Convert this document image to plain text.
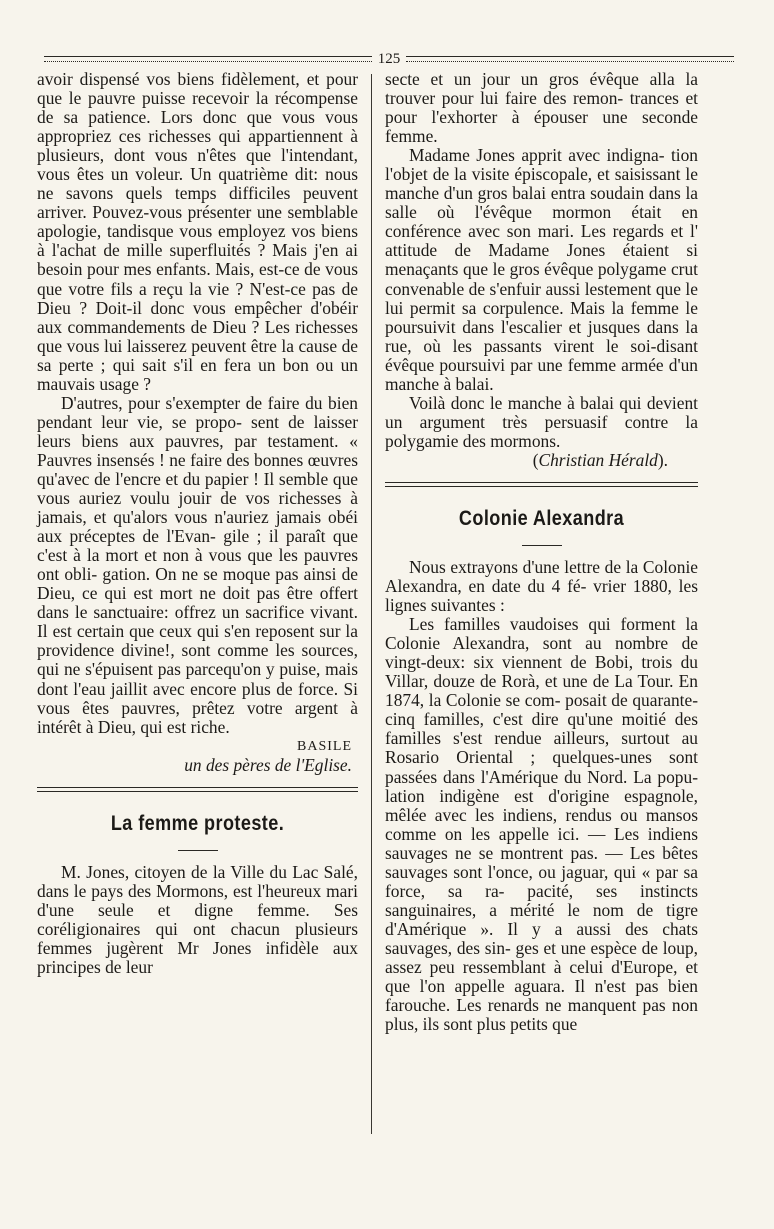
125

avoir dispensé vos biens fidèlement, et pour que le pauvre puisse recevoir la récompense de sa patience. Lors donc que vous vous appropriez ces richesses qui appartiennent à plusieurs, dont vous n'êtes que l'intendant, vous êtes un voleur. Un quatrième dit: nous ne savons quels temps difficiles peuvent arriver. Pouvez-vous présenter une semblable apologie, tandisque vous employez vos biens à l'achat de mille superfluités ? Mais j'en ai besoin pour mes enfants. Mais, est-ce de vous que votre fils a reçu la vie ? N'est-ce pas de Dieu ? Doit-il donc vous empêcher d'obéir aux commandements de Dieu ? Les richesses que vous lui laisserez peuvent être la cause de sa perte ; qui sait s'il en fera un bon ou un mauvais usage ?

D'autres, pour s'exempter de faire du bien pendant leur vie, se propo- sent de laisser leurs biens aux pauvres, par testament. « Pauvres insensés ! ne faire des bonnes œuvres qu'avec de l'encre et du papier ! Il semble que vous auriez voulu jouir de vos richesses à jamais, et qu'alors vous n'auriez jamais obéi aux préceptes de l'Evan- gile ; il paraît que c'est à la mort et non à vous que les pauvres ont obli- gation. On ne se moque pas ainsi de Dieu, ce qui est mort ne doit pas être offert dans le sanctuaire: offrez un sacrifice vivant. Il est certain que ceux qui s'en reposent sur la providence divine!, sont comme les sources, qui ne s'épuisent pas parcequ'on y puise, mais dont l'eau jaillit avec encore plus de force. Si vous êtes pauvres, prêtez votre argent à intérêt à Dieu, qui est riche.

BASILE
un des pères de l'Eglise.
La femme proteste.

M. Jones, citoyen de la Ville du Lac Salé, dans le pays des Mormons, est l'heureux mari d'une seule et digne femme. Ses coréligionaires qui ont chacun plusieurs femmes jugèrent Mr Jones infidèle aux principes de leur

secte et un jour un gros évêque alla la trouver pour lui faire des remon- trances et pour l'exhorter à épouser une seconde femme.

Madame Jones apprit avec indigna- tion l'objet de la visite épiscopale, et saisissant le manche d'un gros balai entra soudain dans la salle où l'évêque mormon était en conférence avec son mari. Les regards et l' attitude de Madame Jones étaient si menaçants que le gros évêque polygame crut convenable de s'enfuir aussi lestement que le lui permit sa corpulence. Mais la femme le poursuivit dans l'escalier et jusques dans la rue, où les passants virent le soi-disant évêque poursuivi par une femme armée d'un manche à balai.

Voilà donc le manche à balai qui devient un argument très persuasif contre la polygamie des mormons.

(Christian Hérald).
Colonie Alexandra

Nous extrayons d'une lettre de la Colonie Alexandra, en date du 4 fé- vrier 1880, les lignes suivantes :

Les familles vaudoises qui forment la Colonie Alexandra, sont au nombre de vingt-deux: six viennent de Bobi, trois du Villar, douze de Rorà, et une de La Tour. En 1874, la Colonie se com- posait de quarante-cinq familles, c'est dire qu'une moitié des familles s'est rendue ailleurs, surtout au Rosario Oriental ; quelques-unes sont passées dans l'Amérique du Nord. La popu- lation indigène est d'origine espagnole, mêlée avec les indiens, rendus ou mansos comme on les appelle ici. — Les indiens sauvages ne se montrent pas. — Les bêtes sauvages sont l'once, ou jaguar, qui « par sa force, sa ra- pacité, ses instincts sanguinaires, a mérité le nom de tigre d'Amérique ». Il y a aussi des chats sauvages, des sin- ges et une espèce de loup, assez peu ressemblant à celui d'Europe, et que l'on appelle aguara. Il n'est pas bien farouche. Les renards ne manquent pas non plus, ils sont plus petits que
